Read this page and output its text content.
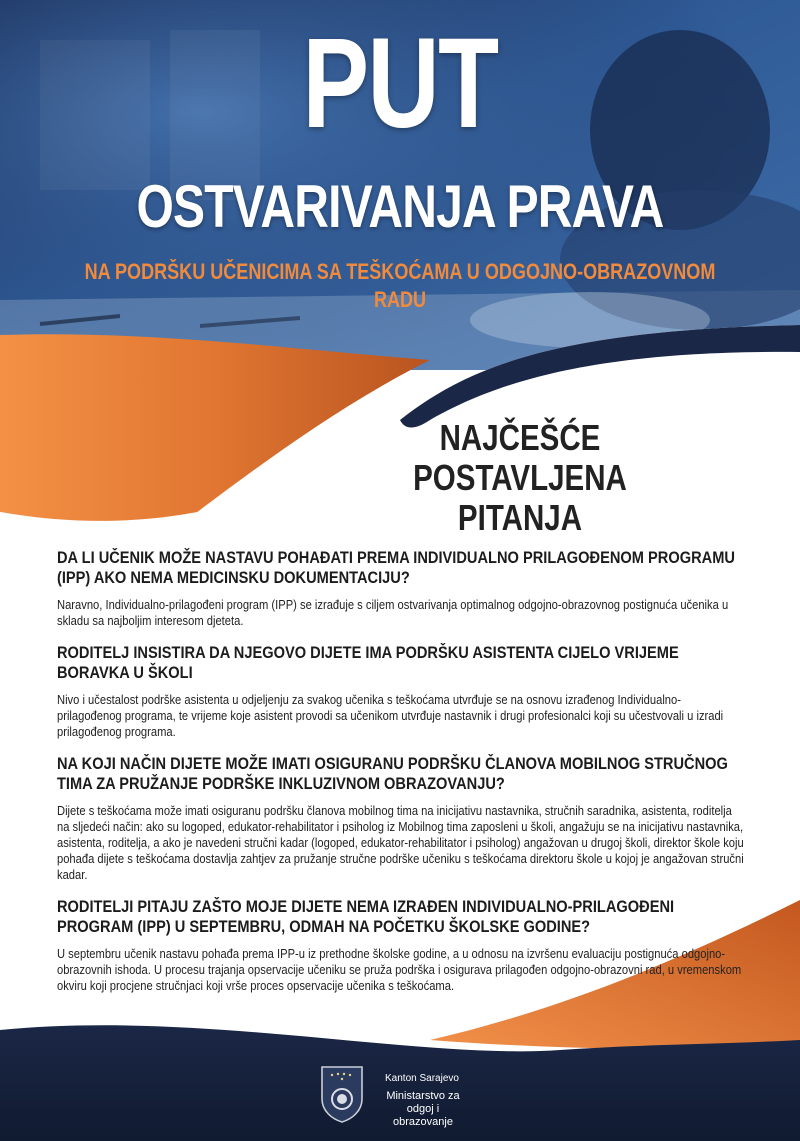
PUT
OSTVARIVANJA PRAVA

NA PODRŠKU UČENICIMA SA TEŠKOĆAMA U ODGOJNO-OBRAZOVNOM RADU

NAJČEŠĆE
POSTAVLJENA PITANJA

DA LI UČENIK MOŽE NASTAVU POHAĐATI PREMA INDIVIDUALNO PRILAGOĐENOM PROGRAMU (IPP) AKO NEMA MEDICINSKU DOKUMENTACIJU?

Naravno, Individualno-prilagođeni program (IPP) se izrađuje s ciljem ostvarivanja optimalnog odgojno-obrazovnog postignuća učenika u skladu sa najboljim interesom djeteta.

RODITELJ INSISTIRA DA NJEGOVO DIJETE IMA PODRŠKU ASISTENTA CIJELO VRIJEME BORAVKA U ŠKOLI

Nivo i učestalost podrške asistenta u odjeljenju za svakog učenika s teškoćama utvrđuje se na osnovu izrađenog Individualno-prilagođenog programa, te vrijeme koje asistent provodi sa učenikom utvrđuje nastavnik i drugi profesionalci koji su učestvovali u izradi prilagođenog programa.

NA KOJI NAČIN DIJETE MOŽE IMATI OSIGURANU PODRŠKU ČLANOVA MOBILNOG STRUČNOG TIMA ZA PRUŽANJE PODRŠKE INKLUZIVNOM OBRAZOVANJU?

Dijete s teškoćama može imati osiguranu podršku članova mobilnog tima na inicijativu nastavnika, stručnih saradnika, asistenta, roditelja na sljedeći način: ako su logoped, edukator-rehabilitator i psiholog iz Mobilnog tima zaposleni u školi, angažuju se na inicijativu nastavnika, asistenta, roditelja, a ako je navedeni stručni kadar (logoped, edukator-rehabilitator i psiholog) angažovan u drugoj školi, direktor škole koju pohađa dijete s teškoćama dostavlja zahtjev za pružanje stručne podrške učeniku s teškoćama direktoru škole u kojoj je angažovan stručni kadar.

RODITELJI PITAJU ZAŠTO MOJE DIJETE NEMA IZRAĐEN INDIVIDUALNO-PRILAGOĐENI PROGRAM (IPP) U SEPTEMBRU, ODMAH NA POČETKU ŠKOLSKE GODINE?

U septembru učenik nastavu pohađa prema IPP-u iz prethodne školske godine, a u odnosu na izvršenu evaluaciju postignuća odgojno-obrazovnih ishoda. U procesu trajanja opservacije učeniku se pruža podrška i osigurava prilagođen odgojno-obrazovni rad, u vremenskom okviru koji procjene stručnjaci koji vrše proces opservacije učenika s teškoćama.

Kanton Sarajevo

Ministarstvo za odgoj i obrazovanje
